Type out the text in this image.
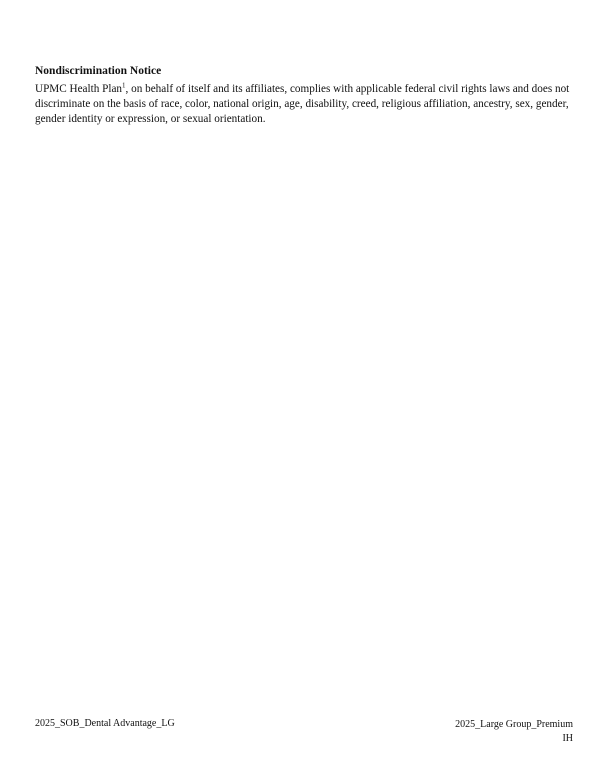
Nondiscrimination Notice

UPMC Health Plan$^1$, on behalf of itself and its affiliates, complies with applicable federal civil rights laws and does not discriminate on the basis of race, color, national origin, age, disability, creed, religious affiliation, ancestry, sex, gender, gender identity or expression, or sexual orientation.

2025_SOB_Dental Advantage_LG	2025_Large Group_Premium
IH
